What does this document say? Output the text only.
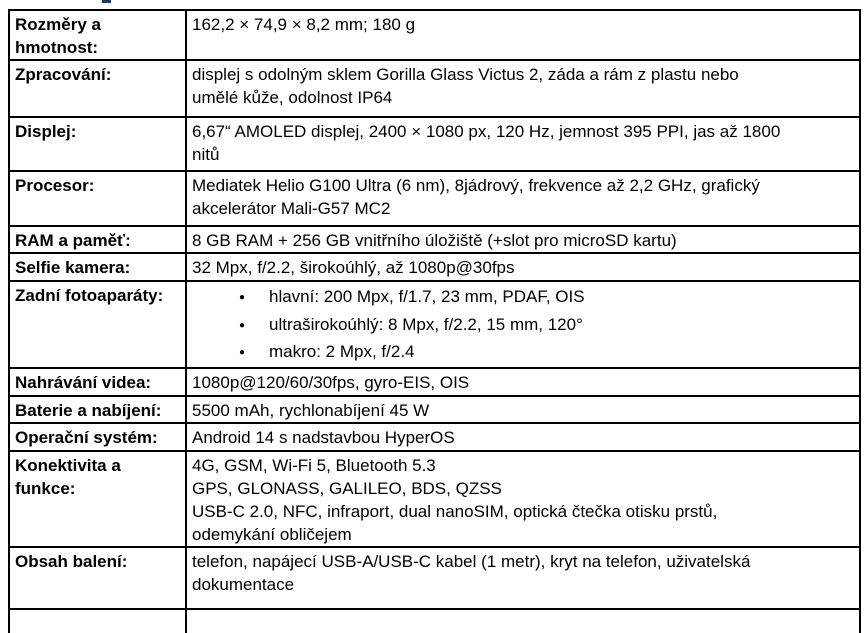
Rozměry a
hmotnost:	162,2 × 74,9 × 8,2 mm; 180 g

Zpracování:	displej s odolným sklem Gorilla Glass Victus 2, záda a rám z plastu nebo
umělé kůže, odolnost IP64

Displej:	6,67“ AMOLED displej, 2400 × 1080 px, 120 Hz, jemnost 395 PPI, jas až 1800
nitů

Procesor:	Mediatek Helio G100 Ultra (6 nm), 8jádrový, frekvence až 2,2 GHz, grafický
akcelerátor Mali-G57 MC2

RAM a paměť:	8 GB RAM + 256 GB vnitřního úložiště (+slot pro microSD kartu)

Selfie kamera:	32 Mpx, f/2.2, širokoúhlý, až 1080p@30fps

Zadní fotoaparáty:	●	hlavní: 200 Mpx, f/1.7, 23 mm, PDAF, OIS
●	ultraširokoúhlý: 8 Mpx, f/2.2, 15 mm, 120°
●	makro: 2 Mpx, f/2.4

Nahrávání videa:	1080p@120/60/30fps, gyro-EIS, OIS

Baterie a nabíjení:	5500 mAh, rychlonabíjení 45 W

Operační systém:	Android 14 s nadstavbou HyperOS

Konektivita a
funkce:

4G, GSM, Wi-Fi 5, Bluetooth 5.3
GPS, GLONASS, GALILEO, BDS, QZSS
USB-C 2.0, NFC, infraport, dual nanoSIM, optická čtečka otisku prstů,
odemykání obličejem

Obsah balení:	telefon, napájecí USB-A/USB-C kabel (1 metr), kryt na telefon, uživatelská
dokumentace
